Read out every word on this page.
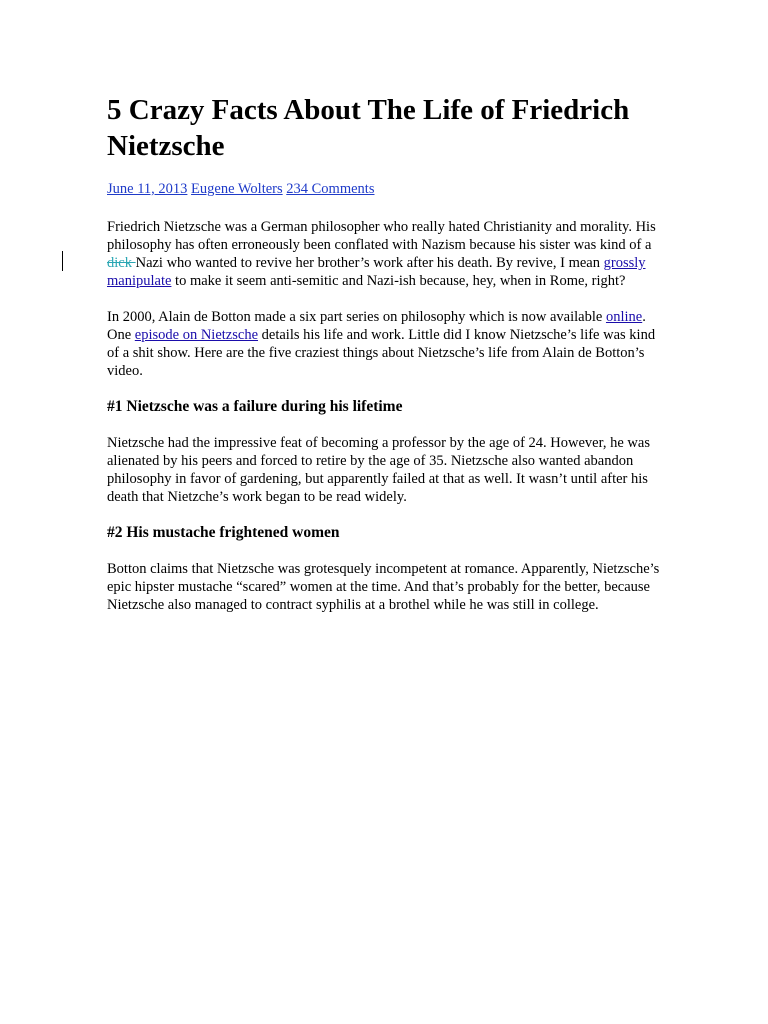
5 Crazy Facts About The Life of Friedrich Nietzsche
June 11, 2013 Eugene Wolters 234 Comments

Friedrich Nietzsche was a German philosopher who really hated Christianity and morality. His philosophy has often erroneously been conflated with Nazism because his sister was kind of a dick Nazi who wanted to revive her brother’s work after his death. By revive, I mean grossly manipulate to make it seem anti-semitic and Nazi-ish because, hey, when in Rome, right?

In 2000, Alain de Botton made a six part series on philosophy which is now available online. One episode on Nietzsche details his life and work. Little did I know Nietzsche’s life was kind of a shit show. Here are the five craziest things about Nietzsche’s life from Alain de Botton’s video.

#1 Nietzsche was a failure during his lifetime

Nietzsche had the impressive feat of becoming a professor by the age of 24. However, he was alienated by his peers and forced to retire by the age of 35. Nietzsche also wanted abandon philosophy in favor of gardening, but apparently failed at that as well. It wasn’t until after his death that Nietzche’s work began to be read widely.

#2 His mustache frightened women

Botton claims that Nietzsche was grotesquely incompetent at romance. Apparently, Nietzsche’s epic hipster mustache “scared” women at the time. And that’s probably for the better, because Nietzsche also managed to contract syphilis at a brothel while he was still in college.
